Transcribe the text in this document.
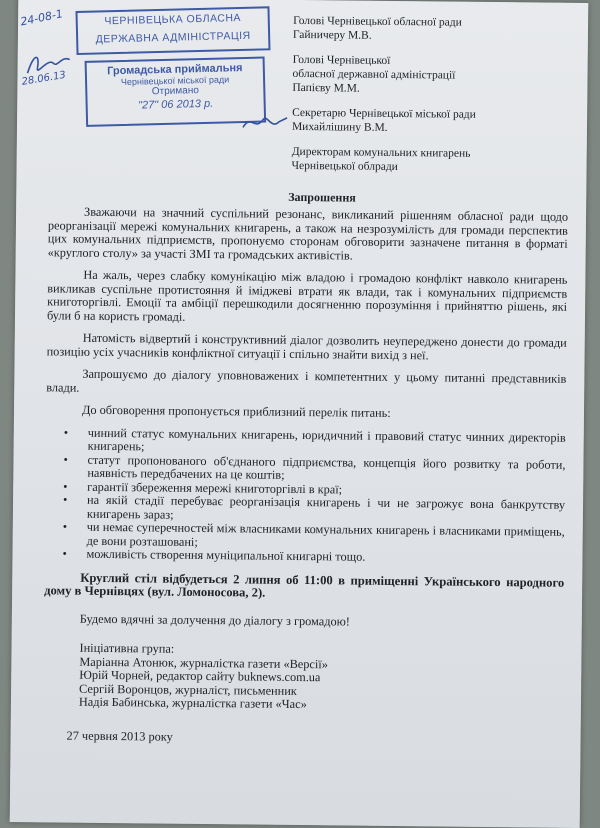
ЧЕРНІВЕЦЬКА ОБЛАСНА
ДЕРЖАВНА АДМІНІСТРАЦІЯ
Громадська приймальня
Чернівецької міської ради
Отримано
"27" 06 2013 р.
24-08-1
28.06.13
Голові Чернівецької обласної ради
Гайничеру М.В.
Голові Чернівецької
обласної державної адміністрації
Папієву М.М.
Секретарю Чернівецької міської ради
Михайлішину В.М.
Директорам комунальних книгарень
Чернівецької облради
Запрошення

Зважаючи на значний суспільний резонанс, викликаний рішенням обласної ради щодо реорганізації мережі комунальних книгарень, а також на незрозумілість для громади перспектив цих комунальних підприємств, пропонуємо сторонам обговорити зазначене питання в форматі «круглого столу» за участі ЗМІ та громадських активістів.

На жаль, через слабку комунікацію між владою і громадою конфлікт навколо книгарень викликав суспільне протистояння й іміджеві втрати як влади, так і комунальних підприємств книготоргівлі. Емоції та амбіції перешкодили досягненню порозуміння і прийняттю рішень, які були б на користь громаді.

Натомість відвертий і конструктивний діалог дозволить неупереджено донести до громади позицію усіх учасників конфліктної ситуації і спільно знайти вихід з неї.

Запрошуємо до діалогу уповноважених і компетентних у цьому питанні представників влади.

До обговорення пропонується приблизний перелік питань:

• чинний статус комунальних книгарень, юридичний і правовий статус чинних директорів книгарень;
• статут пропонованого об'єднаного підприємства, концепція його розвитку та роботи, наявність передбачених на це коштів;
• гарантії збереження мережі книготоргівлі в краї;
• на якій стадії перебуває реорганізація книгарень і чи не загрожує вона банкрутству книгарень зараз;
• чи немає суперечностей між власниками комунальних книгарень і власниками приміщень, де вони розташовані;
• можливість створення муніципальної книгарні тощо.

Круглий стіл відбудеться 2 липня об 11:00 в приміщенні Українського народного дому в Чернівцях (вул. Ломоносова, 2).

Будемо вдячні за долучення до діалогу з громадою!

Ініціативна група:
Маріанна Атонюк, журналістка газети «Версії»
Юрій Чорней, редактор сайту buknews.com.ua
Сергій Воронцов, журналіст, письменник
Надія Бабинська, журналістка газети «Час»
27 червня 2013 року
